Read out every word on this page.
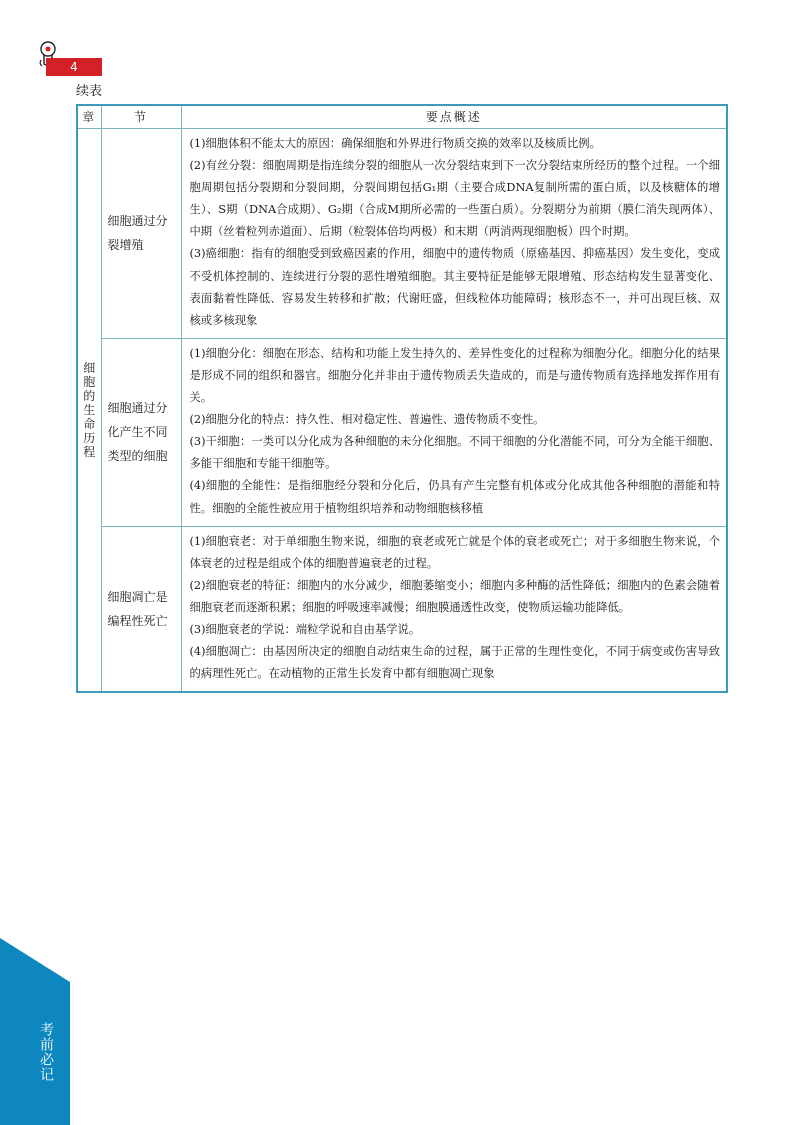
4
续表
章	节	要点概述
细胞的生命历程	细胞通过分裂增殖	(1)细胞体积不能太大的原因：确保细胞和外界进行物质交换的效率以及核质比例。

(2)有丝分裂：细胞周期是指连续分裂的细胞从一次分裂结束到下一次分裂结束所经历的整个过程。一个细胞周期包括分裂期和分裂间期，分裂间期包括G₁期（主要合成DNA复制所需的蛋白质，以及核糖体的增生）、S期（DNA合成期）、G₂期（合成M期所必需的一些蛋白质）。分裂期分为前期（膜仁消失现两体）、中期（丝着粒列赤道面）、后期（粒裂体倍均两极）和末期（两消两现细胞板）四个时期。

(3)癌细胞：指有的细胞受到致癌因素的作用，细胞中的遗传物质（原癌基因、抑癌基因）发生变化，变成不受机体控制的、连续进行分裂的恶性增殖细胞。其主要特征是能够无限增殖、形态结构发生显著变化、表面黏着性降低、容易发生转移和扩散；代谢旺盛，但线粒体功能障碍；核形态不一，并可出现巨核、双核或多核现象

	细胞通过分化产生不同类型的细胞	(1)细胞分化：细胞在形态、结构和功能上发生持久的、差异性变化的过程称为细胞分化。细胞分化的结果是形成不同的组织和器官。细胞分化并非由于遗传物质丢失造成的，而是与遗传物质有选择地发挥作用有关。

(2)细胞分化的特点：持久性、相对稳定性、普遍性、遗传物质不变性。

(3)干细胞：一类可以分化成为各种细胞的未分化细胞。不同干细胞的分化潜能不同，可分为全能干细胞、多能干细胞和专能干细胞等。

(4)细胞的全能性：是指细胞经分裂和分化后，仍具有产生完整有机体或分化成其他各种细胞的潜能和特性。细胞的全能性被应用于植物组织培养和动物细胞核移植

	细胞凋亡是编程性死亡	(1)细胞衰老：对于单细胞生物来说，细胞的衰老或死亡就是个体的衰老或死亡；对于多细胞生物来说，个体衰老的过程是组成个体的细胞普遍衰老的过程。

(2)细胞衰老的特征：细胞内的水分减少，细胞萎缩变小；细胞内多种酶的活性降低；细胞内的色素会随着细胞衰老而逐渐积累；细胞的呼吸速率减慢；细胞膜通透性改变，使物质运输功能降低。

(3)细胞衰老的学说：端粒学说和自由基学说。

(4)细胞凋亡：由基因所决定的细胞自动结束生命的过程，属于正常的生理性变化，不同于病变或伤害导致的病理性死亡。在动植物的正常生长发育中都有细胞凋亡现象

考前必记
